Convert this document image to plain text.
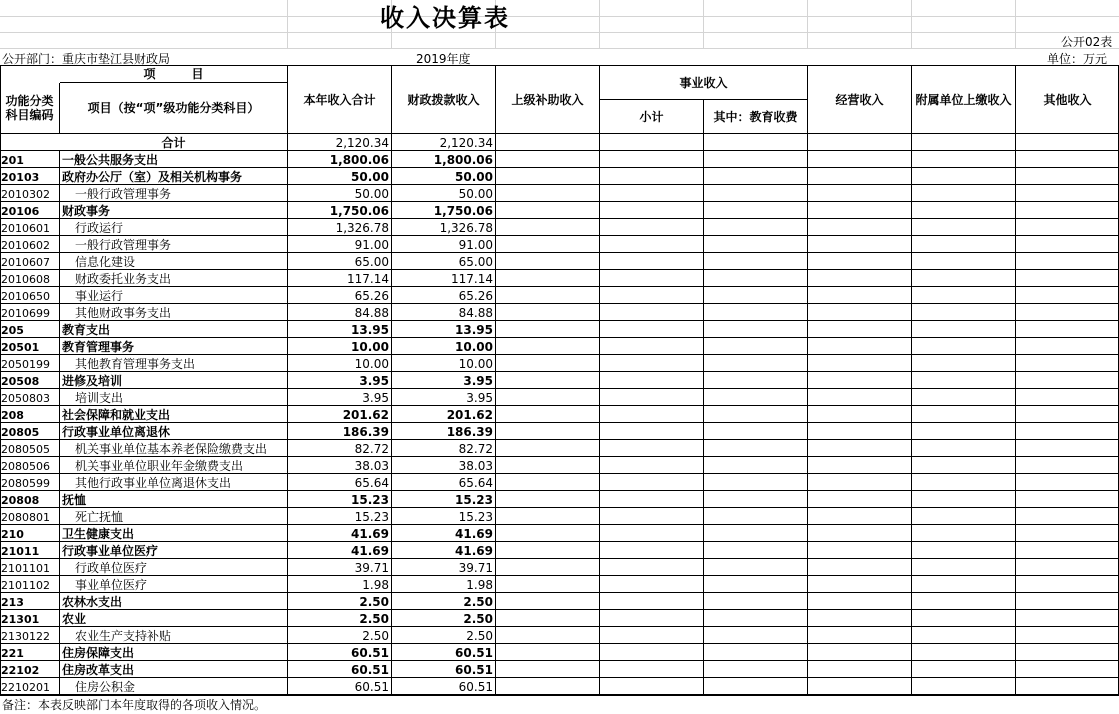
收入决算表
公开02表
公开部门：重庆市垫江县财政局	2019年度	单位：万元
项　　　目
功能分类科目编码	项目（按“项”级功能分类科目）
本年收入合计	财政拨款收入	上级补助收入
事业收入
小计	其中：教育收费
经营收入	附属单位上缴收入	其他收入
合计	2,120.34	2,120.34
201	一般公共服务支出	1,800.06	1,800.06
20103	政府办公厅（室）及相关机构事务	50.00	50.00
2010302	一般行政管理事务	50.00	50.00
20106	财政事务	1,750.06	1,750.06
2010601	行政运行	1,326.78	1,326.78
2010602	一般行政管理事务	91.00	91.00
2010607	信息化建设	65.00	65.00
2010608	财政委托业务支出	117.14	117.14
2010650	事业运行	65.26	65.26
2010699	其他财政事务支出	84.88	84.88
205	教育支出	13.95	13.95
20501	教育管理事务	10.00	10.00
2050199	其他教育管理事务支出	10.00	10.00
20508	进修及培训	3.95	3.95
2050803	培训支出	3.95	3.95
208	社会保障和就业支出	201.62	201.62
20805	行政事业单位离退休	186.39	186.39
2080505	机关事业单位基本养老保险缴费支出	82.72	82.72
2080506	机关事业单位职业年金缴费支出	38.03	38.03
2080599	其他行政事业单位离退休支出	65.64	65.64
20808	抚恤	15.23	15.23
2080801	死亡抚恤	15.23	15.23
210	卫生健康支出	41.69	41.69
21011	行政事业单位医疗	41.69	41.69
2101101	行政单位医疗	39.71	39.71
2101102	事业单位医疗	1.98	1.98
213	农林水支出	2.50	2.50
21301	农业	2.50	2.50
2130122	农业生产支持补贴	2.50	2.50
221	住房保障支出	60.51	60.51
22102	住房改革支出	60.51	60.51
2210201	住房公积金	60.51	60.51
备注：本表反映部门本年度取得的各项收入情况。
